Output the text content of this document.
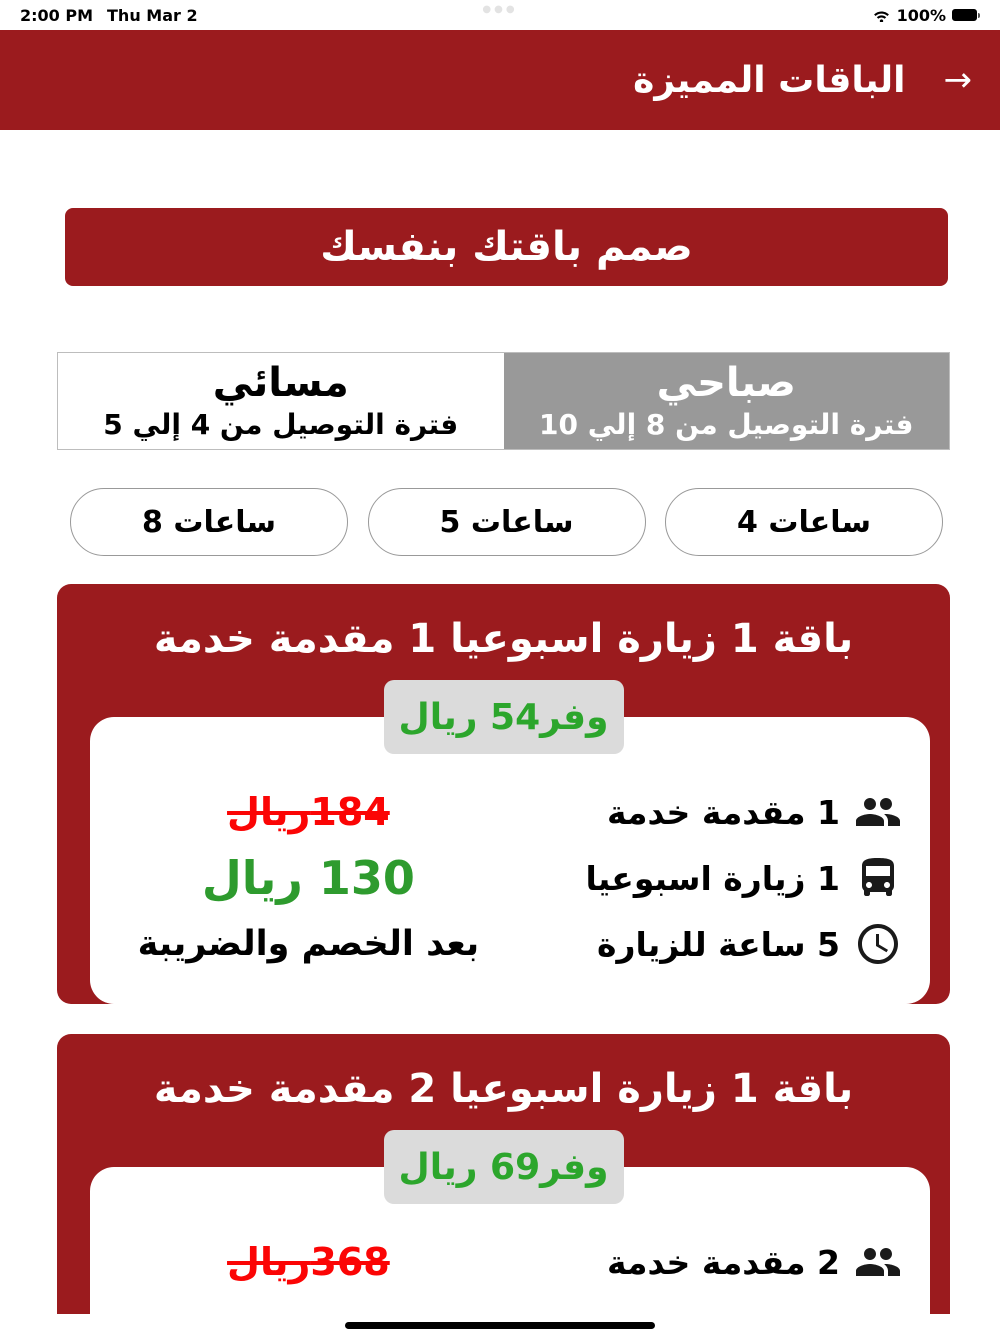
2:00 PM Thu Mar 2	●●●	100%
الباقات المميزة →
صمم باقتك بنفسك
مسائي
فترة التوصيل من 4 إلي 5
صباحي
فترة التوصيل من 8 إلي 10
8 ساعات	5 ساعات	4 ساعات
باقة 1 زيارة اسبوعيا 1 مقدمة خدمة
وفر54 ريال
184ريال
130 ريال
بعد الخصم والضريبة
1 مقدمة خدمة
1 زيارة اسبوعيا
5 ساعة للزيارة
باقة 1 زيارة اسبوعيا 2 مقدمة خدمة
وفر69 ريال
368ريال	2 مقدمة خدمة
